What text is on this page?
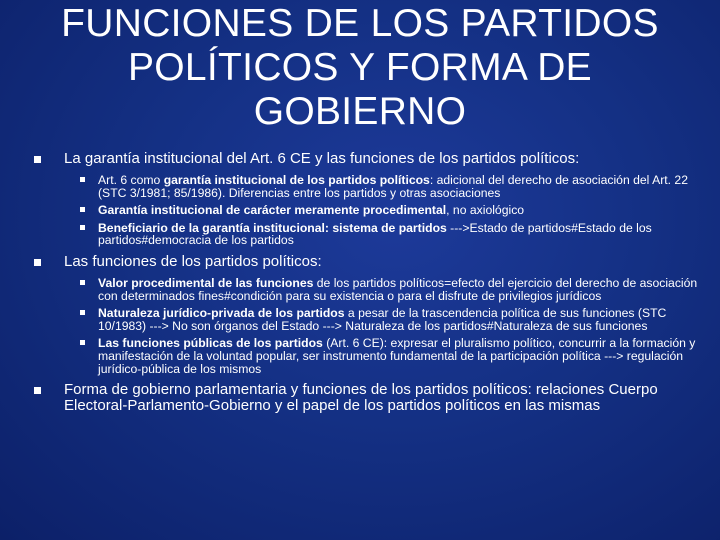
FUNCIONES DE LOS PARTIDOS
POLÍTICOS Y FORMA DE
GOBIERNO
La garantía institucional del Art. 6 CE y las funciones de los partidos políticos:
Art. 6 como garantía institucional de los partidos políticos: adicional del derecho de asociación del Art. 22 (STC 3/1981; 85/1986). Diferencias entre los partidos y otras asociaciones
Garantía institucional de carácter meramente procedimental, no axiológico
Beneficiario de la garantía institucional: sistema de partidos --->Estado de partidos#Estado de los partidos#democracia de los partidos
Las funciones de los partidos políticos:
Valor procedimental de las funciones de los partidos políticos=efecto del ejercicio del derecho de asociación con determinados fines#condición para su existencia o para el disfrute de privilegios jurídicos
Naturaleza jurídico-privada de los partidos a pesar de la trascendencia política de sus funciones (STC 10/1983) ---> No son órganos del Estado ---> Naturaleza de los partidos#Naturaleza de sus funciones
Las funciones públicas de los partidos (Art. 6 CE): expresar el pluralismo político, concurrir a la formación y manifestación de la voluntad popular, ser instrumento fundamental de la participación política ---> regulación jurídico-pública de los mismos
Forma de gobierno parlamentaria y funciones de los partidos políticos: relaciones Cuerpo Electoral-Parlamento-Gobierno y el papel de los partidos políticos en las mismas
